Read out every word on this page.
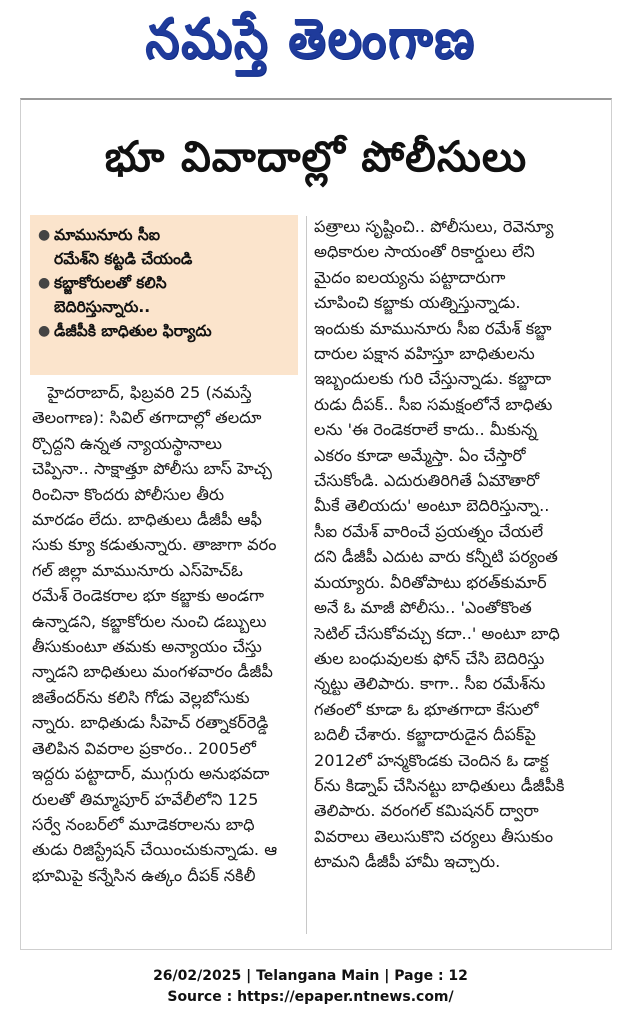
నమస్తే తెలంగాణ
భూ వివాదాల్లో పోలీసులు
● మామునూరు సీఐ
రమేశ్‌ని కట్టడి చేయండి
● కబ్జాకోరులతో కలిసి
బెదిరిస్తున్నారు..
● డీజీపీకి బాధితుల ఫిర్యాదు
హైదరాబాద్, ఫిబ్రవరి 25 (నమస్తే
తెలంగాణ): సివిల్ తగాదాల్లో తలదూ
ర్చొద్దని ఉన్నత న్యాయస్థానాలు
చెప్పినా.. సాక్షాత్తూ పోలీసు బాస్ హెచ్చ
రించినా కొందరు పోలీసుల తీరు
మారడం లేదు. బాధితులు డీజీపీ ఆఫీ
సుకు క్యూ కడుతున్నారు. తాజాగా వరం
గల్ జిల్లా మామునూరు ఎస్‌హెచ్ఓ
రమేశ్ రెండెకరాల భూ కబ్జాకు అండగా
ఉన్నాడని, కబ్జాకోరుల నుంచి డబ్బులు
తీసుకుంటూ తమకు అన్యాయం చేస్తు
న్నాడని బాధితులు మంగళవారం డీజీపీ
జితేందర్‌ను కలిసి గోడు వెల్లబోసుకు
న్నారు. బాధితుడు సీహెచ్ రత్నాకర్‌రెడ్డి
తెలిపిన వివరాల ప్రకారం.. 2005లో
ఇద్దరు పట్టాదార్, ముగ్గురు అనుభవదా
రులతో తిమ్మాపూర్ హవేలీలోని 125
సర్వే నంబర్‌లో మూడెకరాలను బాధి
తుడు రిజిస్ట్రేషన్ చేయించుకున్నాడు. ఆ
భూమిపై కన్నేసిన ఉత్కం దీపక్ నకిలీ
పత్రాలు సృష్టించి.. పోలీసులు, రెవెన్యూ
అధికారుల సాయంతో రికార్డులు లేని
మైదం ఐలయ్యను పట్టాదారుగా
చూపించి కబ్జాకు యత్నిస్తున్నాడు.
ఇందుకు మామునూరు సీఐ రమేశ్ కబ్జా
దారుల పక్షాన వహిస్తూ బాధితులను
ఇబ్బందులకు గురి చేస్తున్నాడు. కబ్జాదా
రుడు దీపక్.. సీఐ సమక్షంలోనే బాధితు
లను 'ఈ రెండెకరాలే కాదు.. మీకున్న
ఎకరం కూడా అమ్మేస్తా. ఏం చేస్తారో
చేసుకోండి. ఎదురుతిరిగితే ఏమౌతారో
మీకే తెలియదు' అంటూ బెదిరిస్తున్నా..
సీఐ రమేశ్ వారించే ప్రయత్నం చేయలే
దని డీజీపీ ఎదుట వారు కన్నీటి పర్యంత
మయ్యారు. వీరితోపాటు భరత్‌కుమార్
అనే ఓ మాజీ పోలీసు.. 'ఎంతోకొంత
సెటిల్ చేసుకోవచ్చు కదా..' అంటూ బాధి
తుల బంధువులకు ఫోన్ చేసి బెదిరిస్తు
న్నట్టు తెలిపారు. కాగా.. సీఐ రమేశ్‌ను
గతంలో కూడా ఓ భూతగాదా కేసులో
బదిలీ చేశారు. కబ్జాదారుడైన దీపక్‌పై
2012లో హన్మకొండకు చెందిన ఓ డాక్ట
ర్‌ను కిడ్నాప్ చేసినట్టు బాధితులు డీజీపీకి
తెలిపారు. వరంగల్ కమిషనర్ ద్వారా
వివరాలు తెలుసుకొని చర్యలు తీసుకుం
టామని డీజీపీ హామీ ఇచ్చారు.
26/02/2025 | Telangana Main | Page : 12
Source : https://epaper.ntnews.com/
